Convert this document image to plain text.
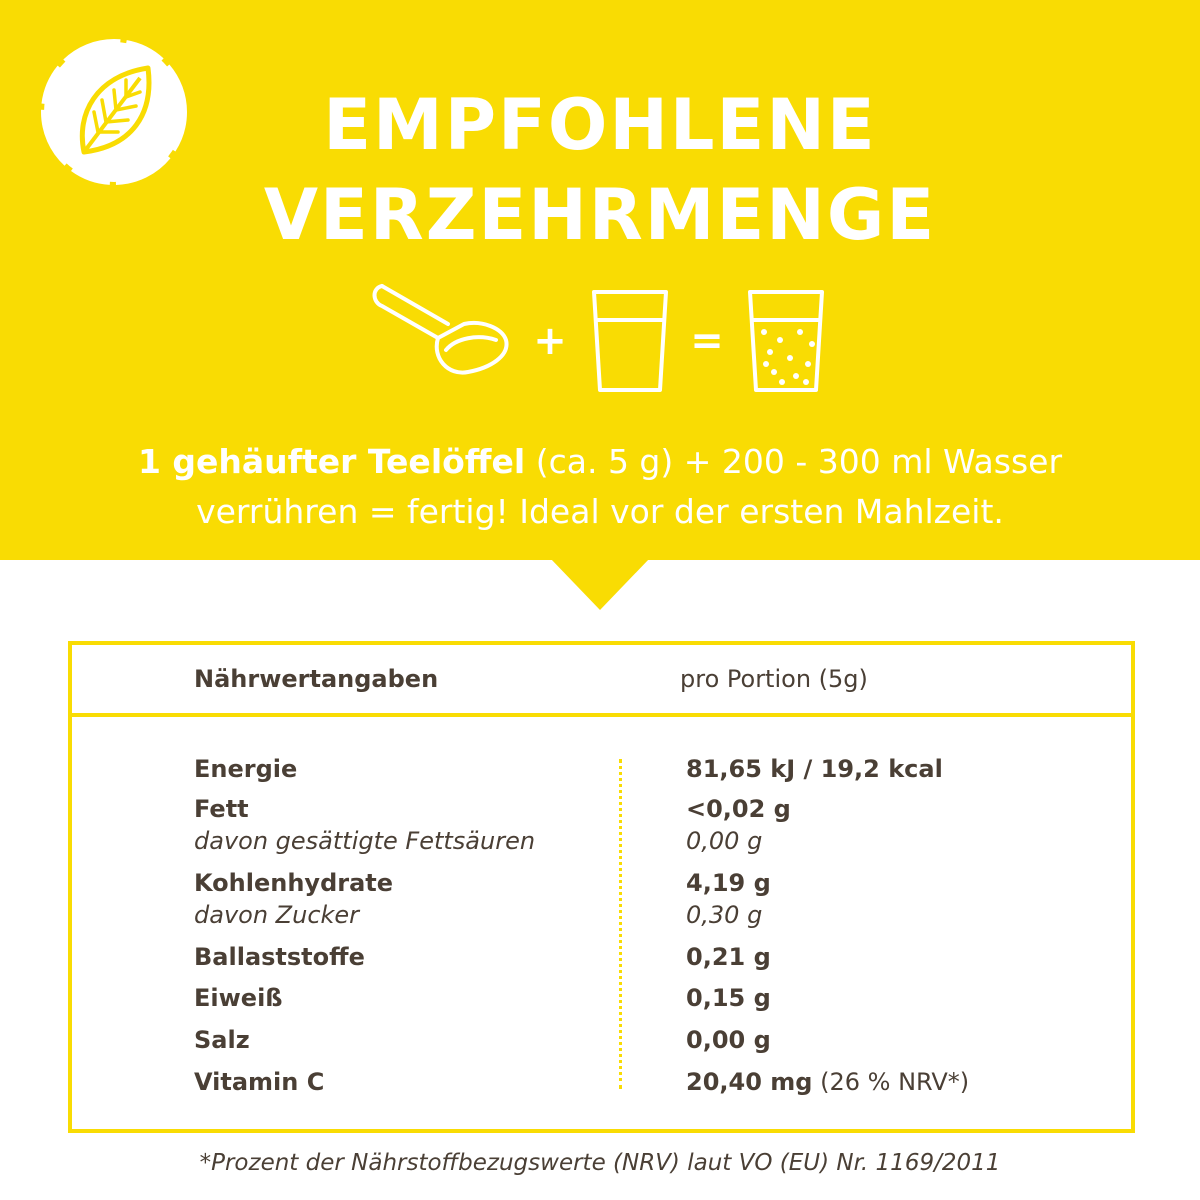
EMPFOHLENE
VERZEHRMENGE
+	=
1 gehäufter Teelöffel (ca. 5 g) + 200 - 300 ml Wasser
verrühren = fertig! Ideal vor der ersten Mahlzeit.
Nährwertangaben	pro Portion (5g)
Energie	81,65 kJ / 19,2 kcal
Fett	<0,02 g
davon gesättigte Fettsäuren	0,00 g
Kohlenhydrate	4,19 g
davon Zucker	0,30 g
Ballaststoffe	0,21 g
Eiweiß	0,15 g
Salz	0,00 g
Vitamin C	20,40 mg (26 % NRV*)
*Prozent der Nährstoffbezugswerte (NRV) laut VO (EU) Nr. 1169/2011
